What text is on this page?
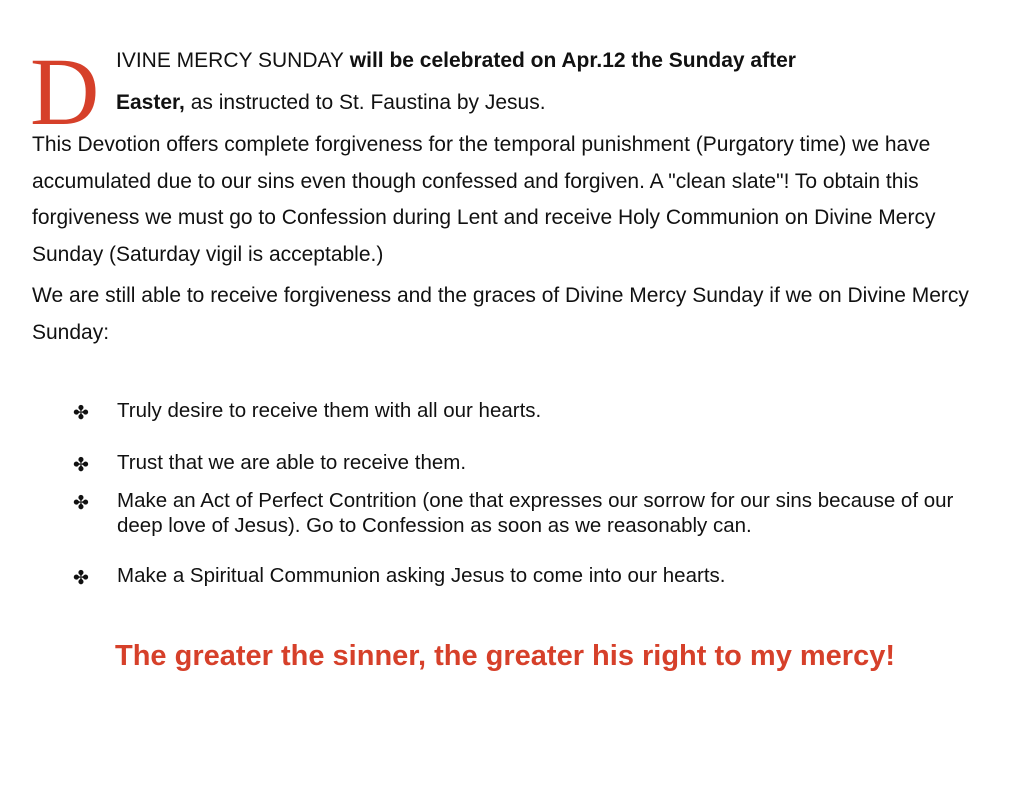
D IVINE MERCY SUNDAY will be celebrated on Apr.12 the Sunday after
Easter, as instructed to St. Faustina by Jesus.
This Devotion offers complete forgiveness for the temporal punishment (Purgatory time) we have accumulated due to our sins even though confessed and forgiven. A "clean slate"! To obtain this forgiveness we must go to Confession during Lent and receive Holy Communion on Divine Mercy Sunday (Saturday vigil is acceptable.)
We are still able to receive forgiveness and the graces of Divine Mercy Sunday if we on Divine Mercy Sunday:
✤ Truly desire to receive them with all our hearts.
✤ Trust that we are able to receive them.
✤ Make an Act of Perfect Contrition (one that expresses our sorrow for our sins because of our deep love of Jesus). Go to Confession as soon as we reasonably can.
✤ Make a Spiritual Communion asking Jesus to come into our hearts.
The greater the sinner, the greater his right to my mercy!
